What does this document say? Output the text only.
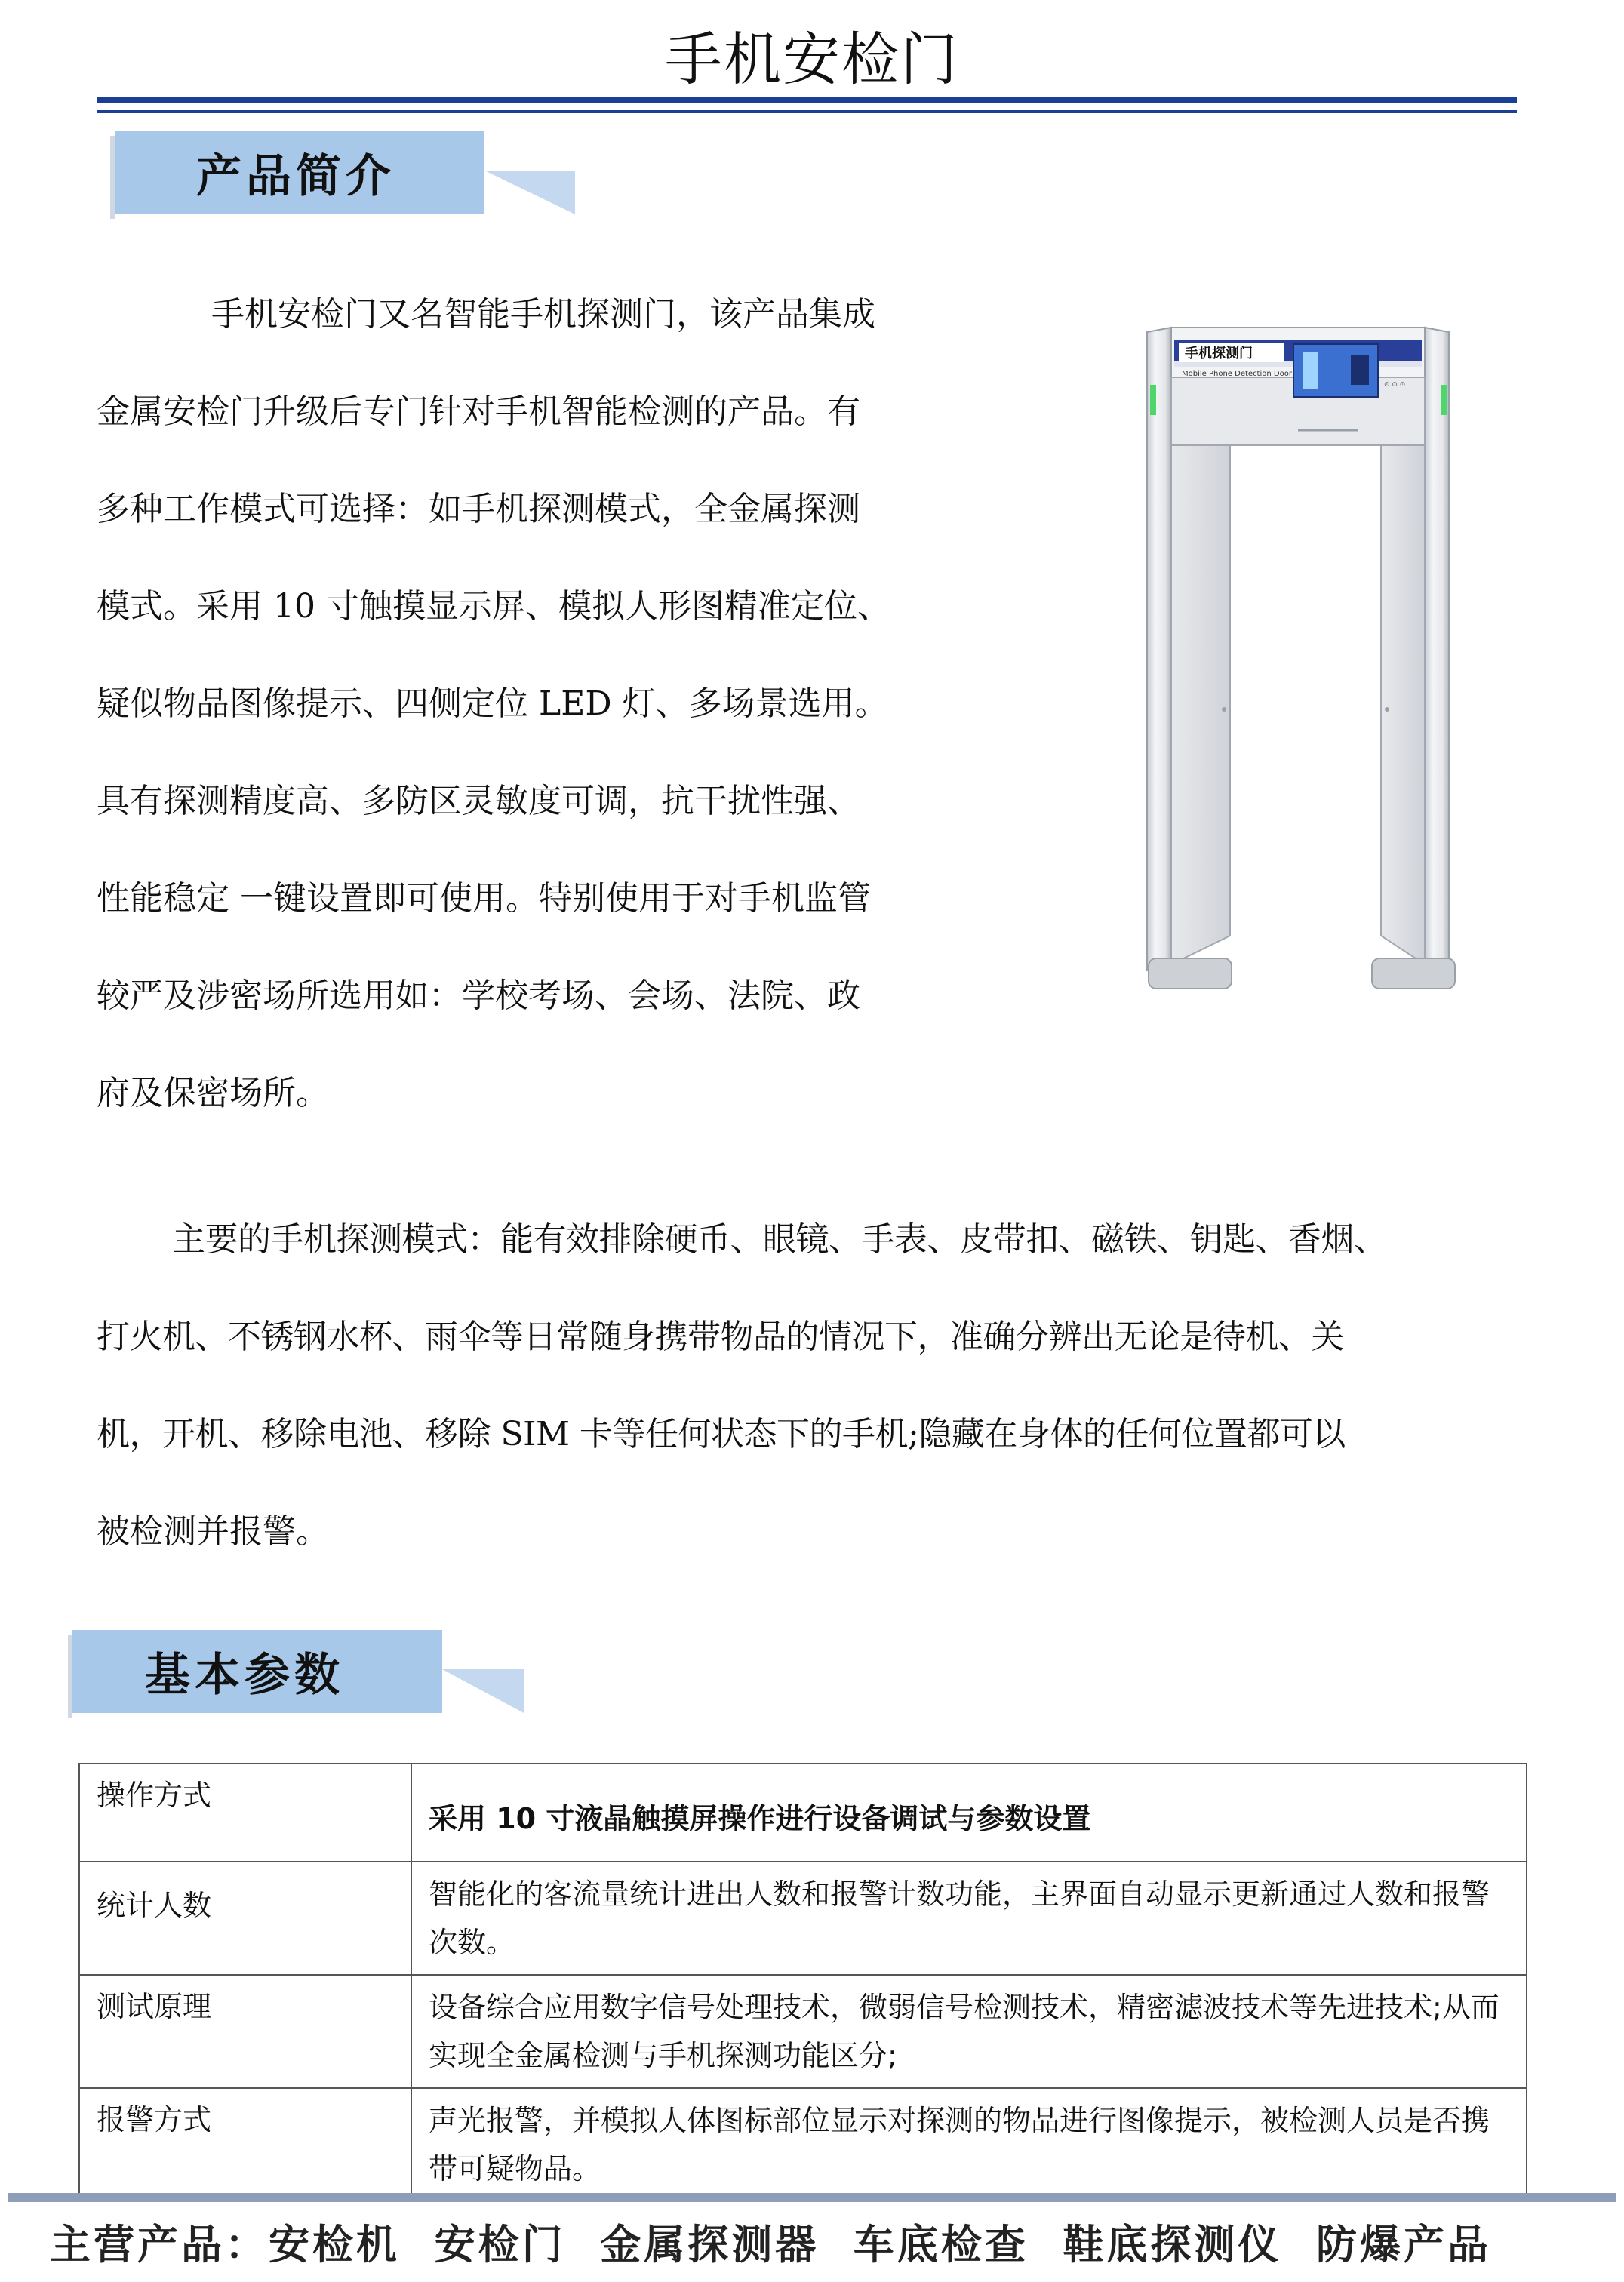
手机安检门
产品简介

手机安检门又名智能手机探测门，该产品集成

金属安检门升级后专门针对手机智能检测的产品。有

多种工作模式可选择：如手机探测模式，全金属探测

模式。采用 10 寸触摸显示屏、模拟人形图精准定位、

疑似物品图像提示、四侧定位 LED 灯、多场景选用。

具有探测精度高、多防区灵敏度可调，抗干扰性强、

性能稳定 一键设置即可使用。特别使用于对手机监管

较严及涉密场所选用如：学校考场、会场、法院、政

府及保密场所。

手机探测门
Mobile Phone Detection Door
⊙ ⊙ ⊙

主要的手机探测模式：能有效排除硬币、眼镜、手表、皮带扣、磁铁、钥匙、香烟、

打火机、不锈钢水杯、雨伞等日常随身携带物品的情况下，准确分辨出无论是待机、关

机，开机、移除电池、移除 SIM 卡等任何状态下的手机;隐藏在身体的任何位置都可以

被检测并报警。

基本参数
操作方式	采用 10 寸液晶触摸屏操作进行设备调试与参数设置
统计人数	智能化的客流量统计进出人数和报警计数功能，主界面自动显示更新通过人数和报警次数。
测试原理	设备综合应用数字信号处理技术，微弱信号检测技术，精密滤波技术等先进技术;从而实现全金属检测与手机探测功能区分;
报警方式	声光报警，并模拟人体图标部位显示对探测的物品进行图像提示，被检测人员是否携带可疑物品。
主营产品：安检机  安检门  金属探测器  车底检查  鞋底探测仪  防爆产品
